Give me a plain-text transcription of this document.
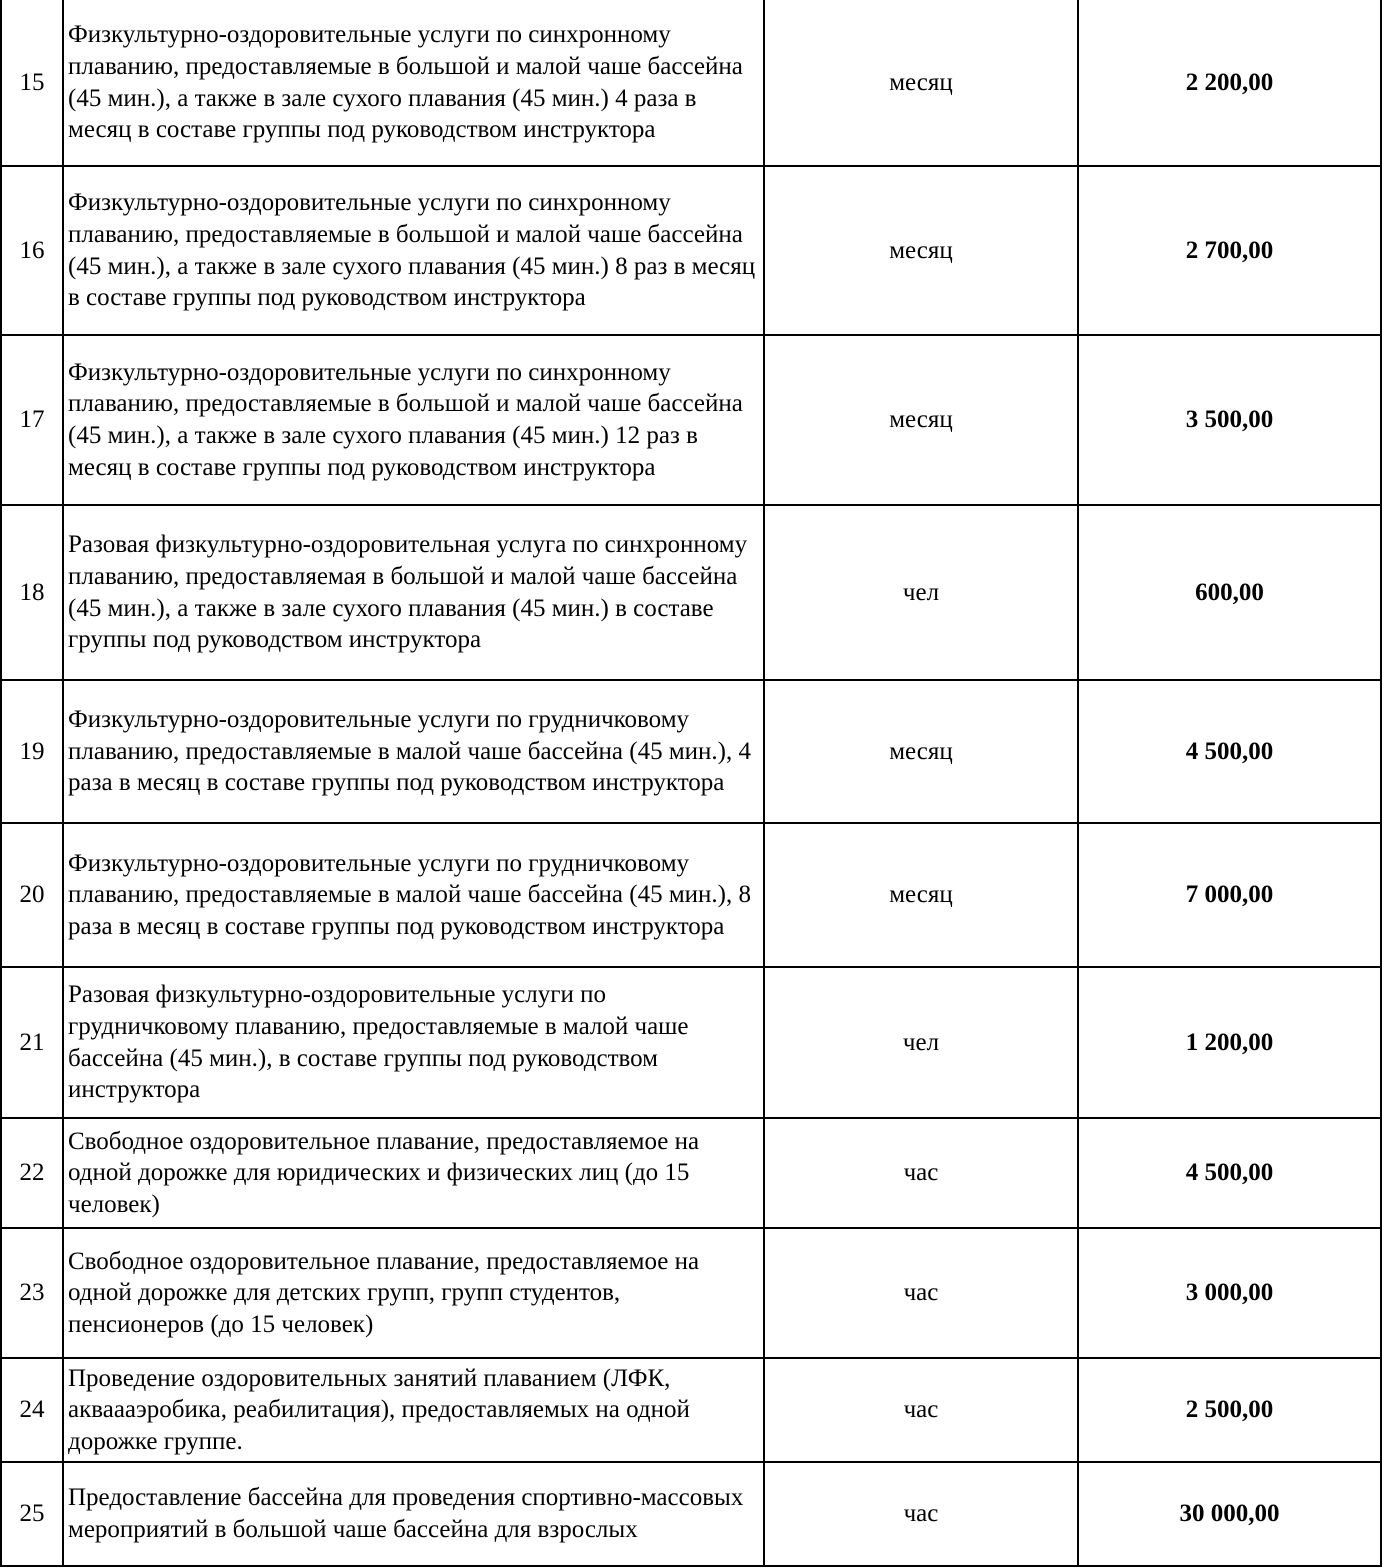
15	Физкультурно-оздоровительные услуги по синхронному плаванию, предоставляемые в большой и малой чаше бассейна (45 мин.), а также в зале сухого плавания (45 мин.) 4 раза в месяц в составе группы под руководством инструктора	месяц	2 200,00
16	Физкультурно-оздоровительные услуги по синхронному плаванию, предоставляемые в большой и малой чаше бассейна (45 мин.), а также в зале сухого плавания (45 мин.) 8 раз в месяц в составе группы под руководством инструктора	месяц	2 700,00
17	Физкультурно-оздоровительные услуги по синхронному плаванию, предоставляемые в большой и малой чаше бассейна (45 мин.), а также в зале сухого плавания (45 мин.) 12 раз в месяц в составе группы под руководством инструктора	месяц	3 500,00
18	Разовая физкультурно-оздоровительная услуга по синхронному плаванию, предоставляемая в большой и малой чаше бассейна (45 мин.), а также в зале сухого плавания (45 мин.) в составе группы под руководством инструктора	чел	600,00
19	Физкультурно-оздоровительные услуги по грудничковому плаванию, предоставляемые в малой чаше бассейна (45 мин.), 4 раза в месяц в составе группы под руководством инструктора	месяц	4 500,00
20	Физкультурно-оздоровительные услуги по грудничковому плаванию, предоставляемые в малой чаше бассейна (45 мин.), 8 раза в месяц в составе группы под руководством инструктора	месяц	7 000,00
21	Разовая физкультурно-оздоровительные услуги по грудничковому плаванию, предоставляемые в малой чаше бассейна (45 мин.), в составе группы под руководством инструктора	чел	1 200,00
22	Свободное оздоровительное плавание, предоставляемое на одной дорожке для юридических и физических лиц (до 15 человек)	час	4 500,00
23	Свободное оздоровительное плавание, предоставляемое на одной дорожке для детских групп, групп студентов, пенсионеров (до 15 человек)	час	3 000,00
24	Проведение оздоровительных занятий плаванием (ЛФК, акваааэробика, реабилитация), предоставляемых на одной дорожке группе.	час	2 500,00
25	Предоставление бассейна для проведения спортивно-массовых мероприятий в большой чаше бассейна для взрослых	час	30 000,00
